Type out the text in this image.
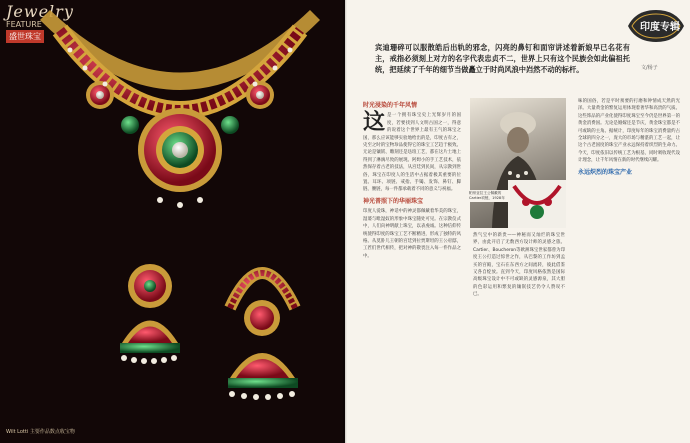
Jewelry
FEATURE
盛世珠宝
Wilt Lotti 主要作品数点收宝物
印度专辑
宾迪珊碎可以服散皓后出轨的邪念，闪亮的鼻钉和面帘讲述着新娘早已名花有主，戒指必须刻上对方的名字代表忠贞不二，世界上只有这个民族会如此偏祖托统，把延续了千年的细节当做矗立于时尚风浪中岿然不动的标杆。	文/杨子
时光浸染的千年风情
这 是一个拥有珠宝史上光辉岁月的国度，若要找到人文明古国之一，得意的说着这个世界上最有王气的珠宝之国，那么应该能够实验地给出的是，印度古有之，史至之时的宝物珍品使得它的珠宝工艺趋于极致。无论是镶嵌、雕刻还是珐琅工艺，都在这片土地上得到了淋漓尽致的展现。阿姆小的手工艺技术，依然保存着古老的技法，从宫廷到民间，从宗教到世俗，珠宝在印度人的生活中占据着极其重要的位置。耳环、项链、戒指、手镯、发饰、鼻钉、脚链、腰链，每一件都承载着不同的意义与祝福。
神光普照下的华丽珠宝
印度人爱珠，神话中的神灵都佩戴着华美的珠宝，湿婆与毗湿奴的形象中珠宝随处可见。在宗教仪式中，人们向神明献上珠宝，以表虔诚。这种信仰传统使得印度的珠宝工艺不断精进，形成了独特的风格。从莫卧儿王朝的宫廷到拉贾斯坦的王公府邸，工匠们世代相传，把对神的敬畏注入每一件作品之中。
帕蒂亚拉王公佩戴的Cartier项链，1928年
然气宝中的新贵——神秘而又灿烂的珠宝世界，由此开启了无数西方设计师的灵感之旅。Cartier、Boucheron等欧洲珠宝世家都曾为印度王公打造过惊世之作，从巴黎的工作坊到孟买的宫殿，宝石在东西方之间流转，彼此借鉴又各自绽放。直到今天，印度风格依然是国际高级珠宝设计中不可或缺的灵感源泉，其大胆的色彩运用和繁复的镶嵌技艺仍令人赞叹不已。
味的国俗，若是平时须要的打磨和钟情成天然的光泽。大量黄金的繁复运用体现着奢华和高贵的气质。这些饰品的产业化使得印度珠宝至今仍是世界第一的黄金消费国。无论是婚嫁还是节庆，黄金珠宝都是不可或缺的主角。据统计，印度每年的珠宝消费量约占全球的四分之一，庞大的市场与精湛的工艺一起，让这个古老国度的珠宝产业永远保持着炽烈的生命力。今天，印度依旧以传统工艺为根基，同时吸收现代设计理念，让千年风情在新的时代继续闪耀。
永远炽烈的珠宝产业
